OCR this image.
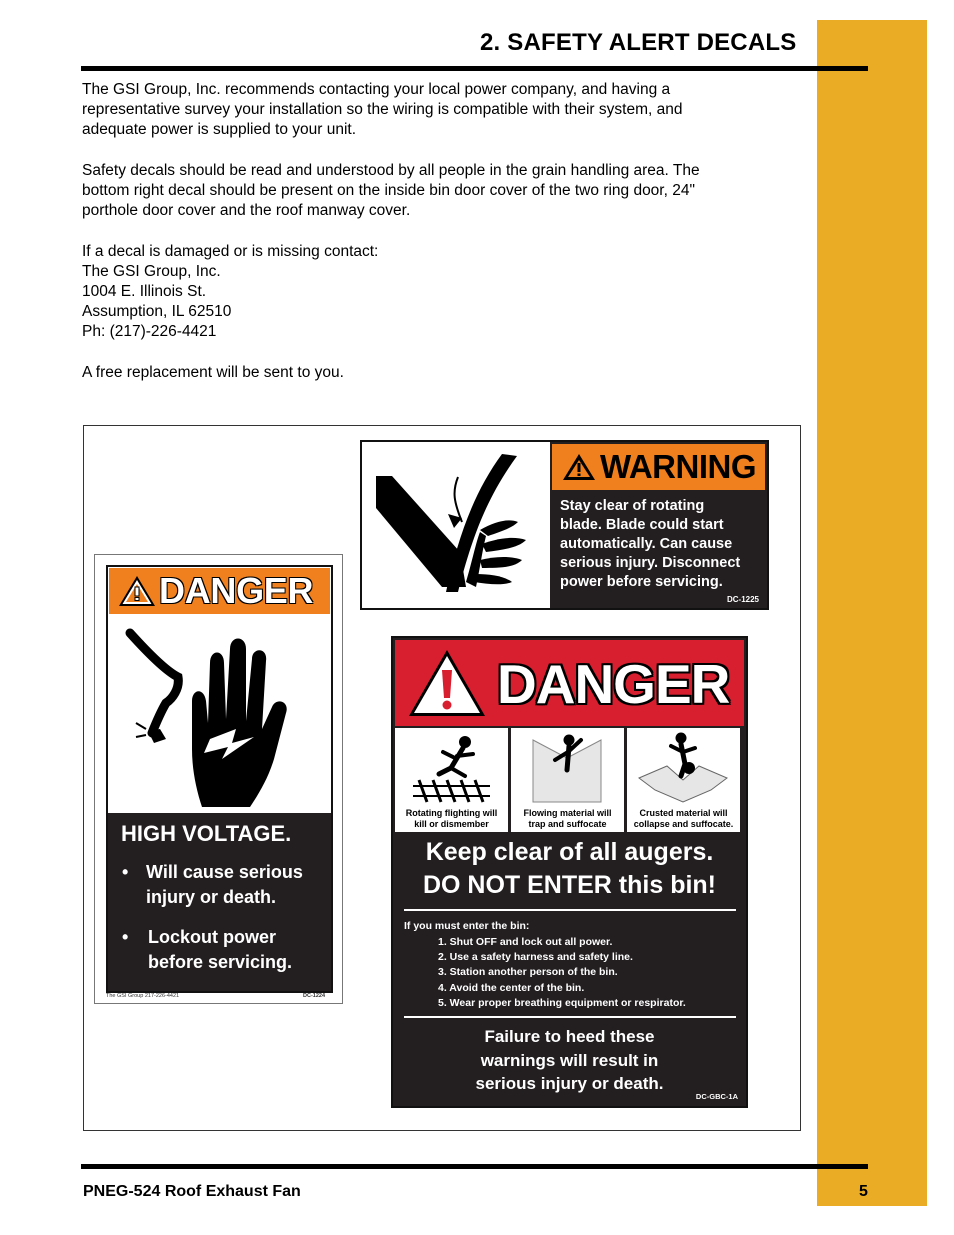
2. SAFETY ALERT DECALS

The GSI Group, Inc. recommends contacting your local power company, and having a
representative survey your installation so the wiring is compatible with their system, and
adequate power is supplied to your unit.

Safety decals should be read and understood by all people in the grain handling area. The
bottom right decal should be present on the inside bin door cover of the two ring door, 24"
porthole door cover and the roof manway cover.

If a decal is damaged or is missing contact:
The GSI Group, Inc.
1004 E. Illinois St.
Assumption, IL 62510
Ph: (217)-226-4421

A free replacement will be sent to you.

WARNING
Stay clear of rotating
blade. Blade could start
automatically. Can cause
serious injury. Disconnect
power before servicing.
DC-1225
DANGER
HIGH VOLTAGE.
• Will cause serious
injury or death.
• Lockout power
before servicing.
The GSI Group 217-226-4421	DC-1224
DANGER
Rotating flighting will
kill or dismember
Flowing material will
trap and suffocate
Crusted material will
collapse and suffocate.
Keep clear of all augers.
DO NOT ENTER this bin!
If you must enter the bin:
1. Shut OFF and lock out all power.
2. Use a safety harness and safety line.
3. Station another person of the bin.
4. Avoid the center of the bin.
5. Wear proper breathing equipment or respirator.
Failure to heed these
warnings will result in
serious injury or death.
DC-GBC-1A
PNEG-524 Roof Exhaust Fan	5
